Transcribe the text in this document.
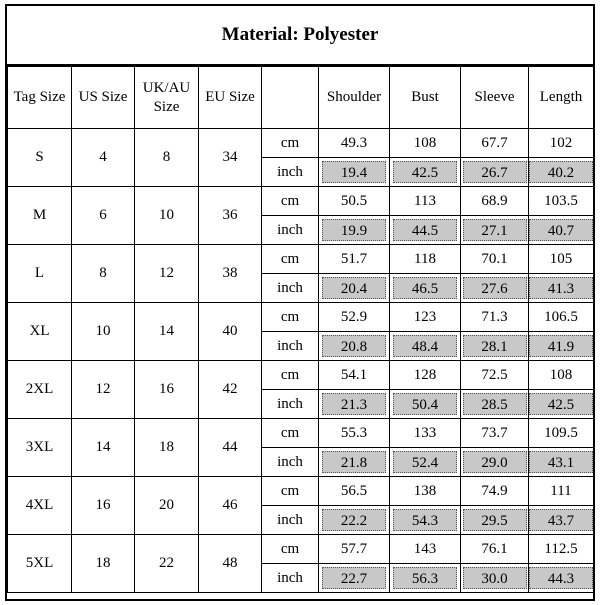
Material: Polyester
Tag Size	US Size	UK/AU Size	EU Size		Shoulder	Bust	Sleeve	Length
S	4	8	34	cm	49.3	108	67.7	102
				inch	19.4	42.5	26.7	40.2
M	6	10	36	cm	50.5	113	68.9	103.5
				inch	19.9	44.5	27.1	40.7
L	8	12	38	cm	51.7	118	70.1	105
				inch	20.4	46.5	27.6	41.3
XL	10	14	40	cm	52.9	123	71.3	106.5
				inch	20.8	48.4	28.1	41.9
2XL	12	16	42	cm	54.1	128	72.5	108
				inch	21.3	50.4	28.5	42.5
3XL	14	18	44	cm	55.3	133	73.7	109.5
				inch	21.8	52.4	29.0	43.1
4XL	16	20	46	cm	56.5	138	74.9	111
				inch	22.2	54.3	29.5	43.7
5XL	18	22	48	cm	57.7	143	76.1	112.5
				inch	22.7	56.3	30.0	44.3
